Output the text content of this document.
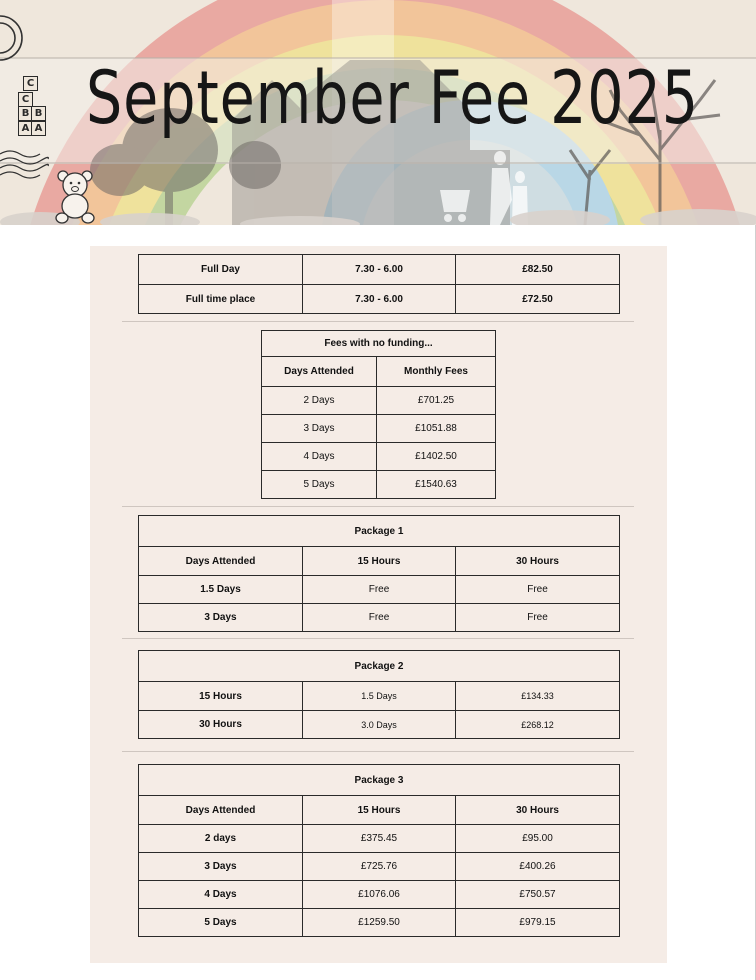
C
C
B B
A A September Fee 2025
Full Day	7.30 - 6.00	£82.50
Full time place	7.30 - 6.00	£72.50
Fees with no funding...	
Days Attended	Monthly Fees
2 Days	£701.25
3 Days	£1051.88
4 Days	£1402.50
5 Days	£1540.63
Package 1		
Days Attended	15 Hours	30 Hours
1.5 Days	Free	Free
3 Days	Free	Free
Package 2		
15 Hours	1.5 Days	£134.33
30 Hours	3.0 Days	£268.12
Package 3		
Days Attended	15 Hours	30 Hours
2 days	£375.45	£95.00
3 Days	£725.76	£400.26
4 Days	£1076.06	£750.57
5 Days	£1259.50	£979.15
